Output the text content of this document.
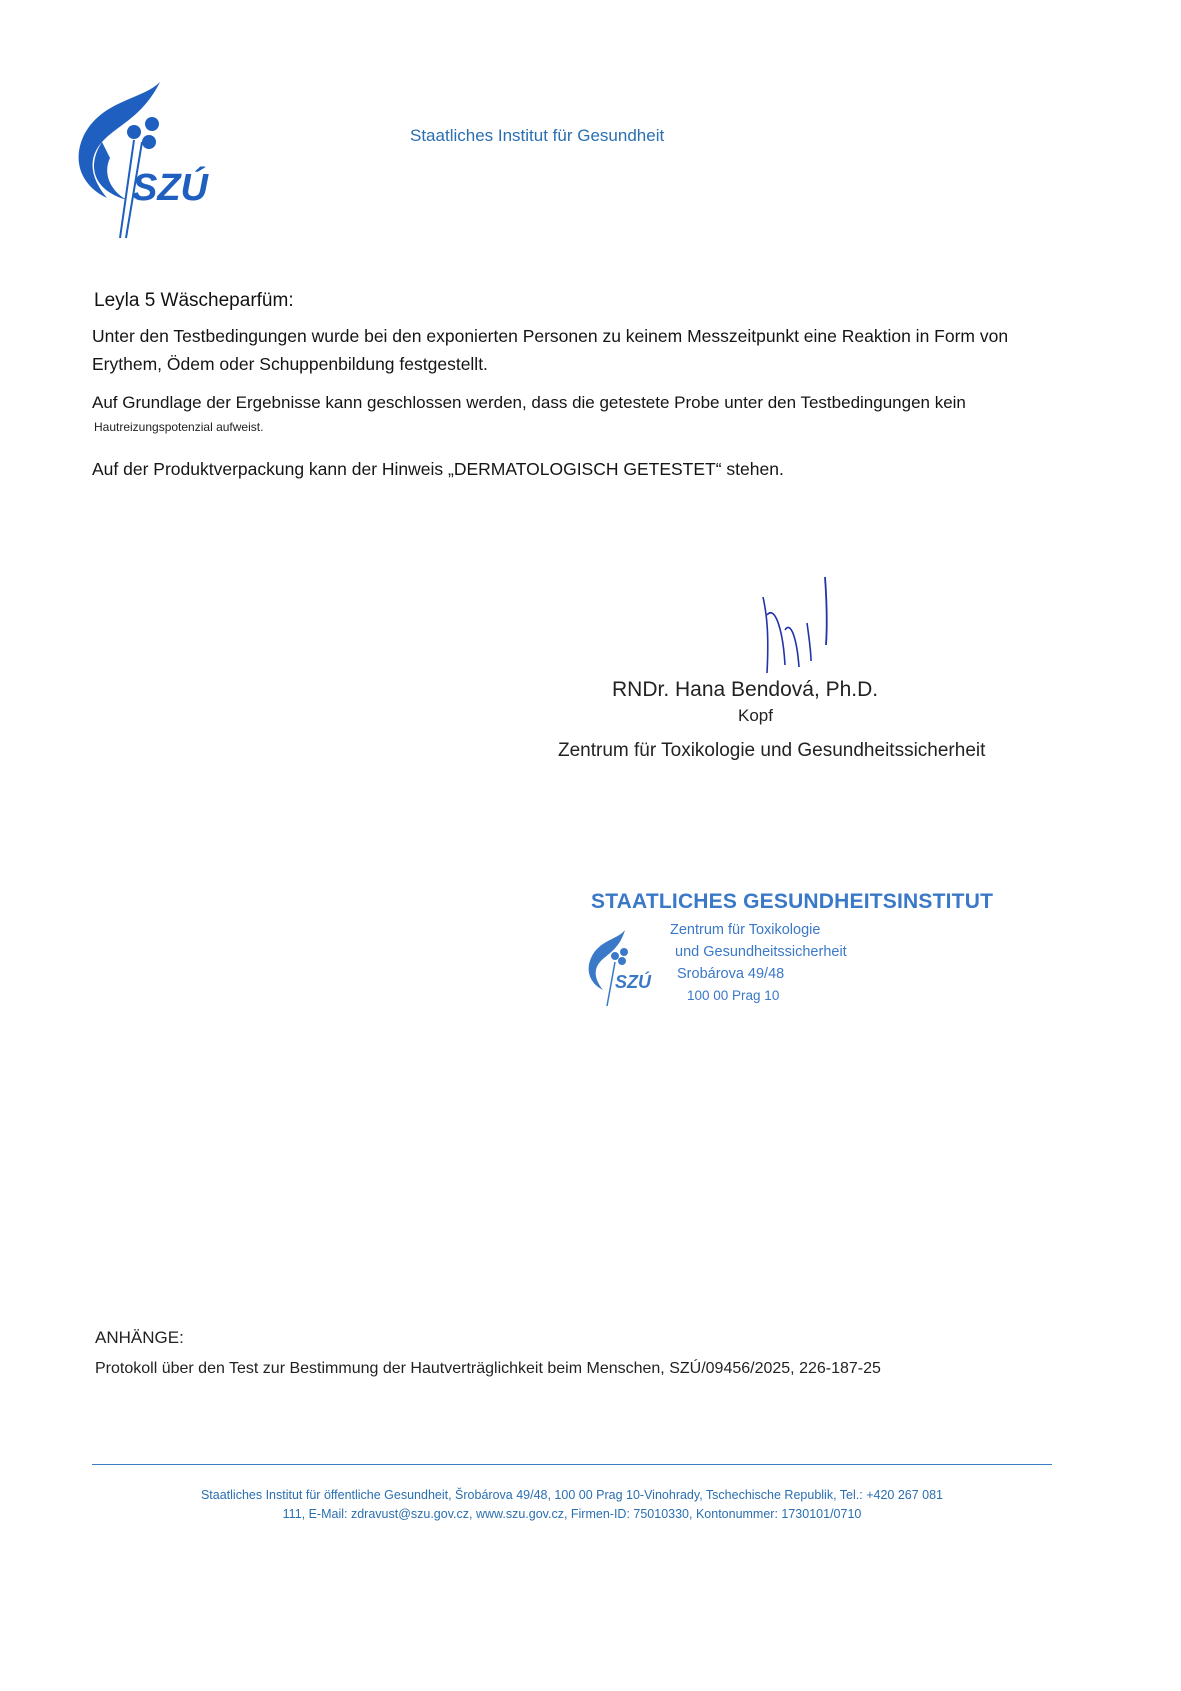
SZÚ
Staatliches Institut für Gesundheit
Leyla 5 Wäscheparfüm:
Unter den Testbedingungen wurde bei den exponierten Personen zu keinem Messzeitpunkt eine Reaktion in Form von Erythem, Ödem oder Schuppenbildung festgestellt.
Auf Grundlage der Ergebnisse kann geschlossen werden, dass die getestete Probe unter den Testbedingungen kein
Hautreizungspotenzial aufweist.
Auf der Produktverpackung kann der Hinweis „DERMATOLOGISCH GETESTET“ stehen.
RNDr. Hana Bendová, Ph.D.
Kopf
Zentrum für Toxikologie und Gesundheitssicherheit
STAATLICHES GESUNDHEITSINSTITUT
SZÚ
Zentrum für Toxikologie
und Gesundheitssicherheit
Srobárova 49/48
100 00 Prag 10
ANHÄNGE:
Protokoll über den Test zur Bestimmung der Hautverträglichkeit beim Menschen, SZÚ/09456/2025, 226-187-25
Staatliches Institut für öffentliche Gesundheit, Šrobárova 49/48, 100 00 Prag 10-Vinohrady, Tschechische Republik, Tel.: +420 267 081
111, E-Mail: zdravust@szu.gov.cz, www.szu.gov.cz, Firmen-ID: 75010330, Kontonummer: 1730101/0710
